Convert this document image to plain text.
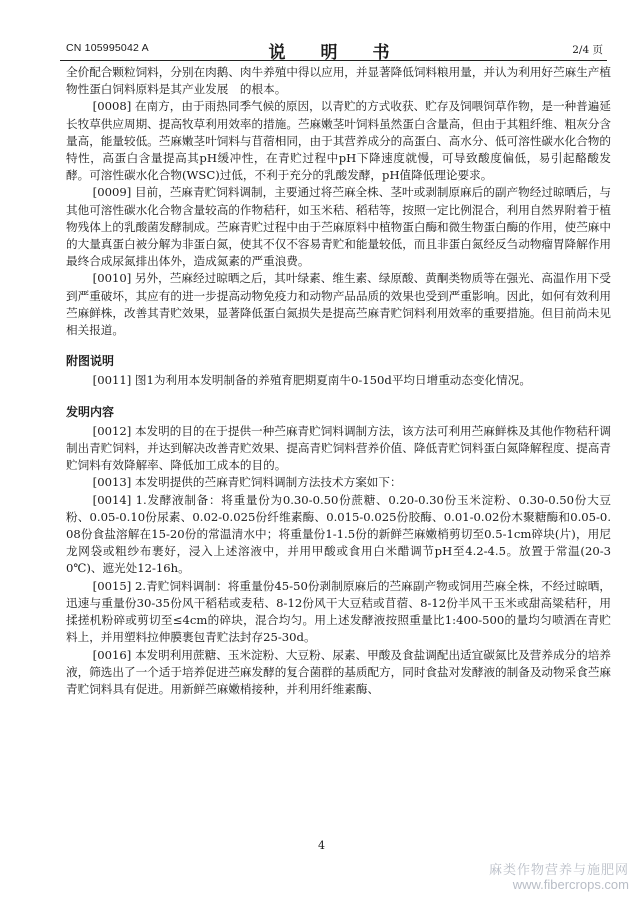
CN 105995042 A	说　明　书	2/4 页

全价配合颗粒饲料，分别在肉鹅、肉牛养殖中得以应用，并显著降低饲料粮用量，并认为利用好苎麻生产植物性蛋白饲料原料是其产业发展　的根本。

[0008] 在南方，由于雨热同季气候的原因，以青贮的方式收获、贮存及饲喂饲草作物，是一种普遍延长牧草供应周期、提高牧草利用效率的措施。苎麻嫩茎叶饲料虽然蛋白含量高，但由于其粗纤维、粗灰分含量高，能量较低。苎麻嫩茎叶饲料与苜蓿相同，由于其营养成分的高蛋白、高水分、低可溶性碳水化合物的特性，高蛋白含量提高其pH缓冲性，在青贮过程中pH下降速度就慢，可导致酸度偏低，易引起酪酸发酵。可溶性碳水化合物(WSC)过低，不利于充分的乳酸发酵，pH值降低理论要求。

[0009] 目前，苎麻青贮饲料调制，主要通过将苎麻全株、茎叶或剥制原麻后的副产物经过晾晒后，与其他可溶性碳水化合物含量较高的作物秸秆，如玉米秸、稻秸等，按照一定比例混合，利用自然界附着于植物残体上的乳酸菌发酵制成。苎麻青贮过程中由于苎麻原料中植物蛋白酶和微生物蛋白酶的作用，使苎麻中的大量真蛋白被分解为非蛋白氮，使其不仅不容易青贮和能量较低，而且非蛋白氮经反刍动物瘤胃降解作用最终合成尿氮排出体外，造成氮素的严重浪费。

[0010] 另外，苎麻经过晾晒之后，其叶绿素、维生素、绿原酸、黄酮类物质等在强光、高温作用下受到严重破坏，其应有的进一步提高动物免疫力和动物产品品质的效果也受到严重影响。因此，如何有效利用苎麻鲜株，改善其青贮效果，显著降低蛋白氮损失是提高苎麻青贮饲料利用效率的重要措施。但目前尚未见相关报道。

附图说明

[0011] 图1为利用本发明制备的养殖育肥期夏南牛0-150d平均日增重动态变化情况。

发明内容

[0012] 本发明的目的在于提供一种苎麻青贮饲料调制方法，该方法可利用苎麻鲜株及其他作物秸秆调制出青贮饲料，并达到解决改善青贮效果、提高青贮饲料营养价值、降低青贮饲料蛋白氮降解程度、提高青贮饲料有效降解率、降低加工成本的目的。

[0013] 本发明提供的苎麻青贮饲料调制方法技术方案如下：

[0014] 1.发酵液制备：将重量份为0.30-0.50份蔗糖、0.20-0.30份玉米淀粉、0.30-0.50份大豆粉、0.05-0.10份尿素、0.02-0.025份纤维素酶、0.015-0.025份胶酶、0.01-0.02份木聚糖酶和0.05-0.08份食盐溶解在15-20份的常温清水中；将重量份1-1.5份的新鲜苎麻嫩梢剪切至0.5-1cm碎块(片)，用尼龙网袋或粗纱布裹好，浸入上述溶液中，并用甲酸或食用白米醋调节pH至4.2-4.5。放置于常温(20-30℃)、遮光处12-16h。

[0015] 2.青贮饲料调制：将重量份45-50份剥制原麻后的苎麻副产物或饲用苎麻全株，不经过晾晒，迅速与重量份30-35份风干稻秸或麦秸、8-12份风干大豆秸或苜蓿、8-12份半风干玉米或甜高粱秸秆，用揉搓机粉碎或剪切至≤4cm的碎块，混合均匀。用上述发酵液按照重量比1:400-500的量均匀喷洒在青贮料上，并用塑料拉伸膜裹包青贮法封存25-30d。

[0016] 本发明利用蔗糖、玉米淀粉、大豆粉、尿素、甲酸及食盐调配出适宜碳氮比及营养成分的培养液，筛选出了一个适于培养促进苎麻发酵的复合菌群的基质配方，同时食盐对发酵液的制备及动物采食苎麻青贮饲料具有促进。用新鲜苎麻嫩梢接种，并利用纤维素酶、

4
麻类作物营养与施肥网
www.fibercrops.com
